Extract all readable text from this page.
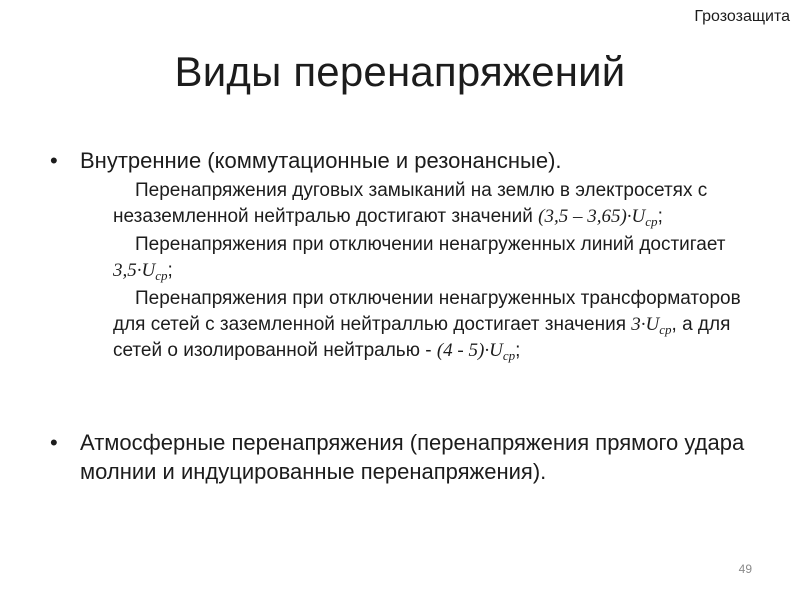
Грозозащита
Виды перенапряжений
•	Внутренние (коммутационные и резонансные).

Перенапряжения дуговых замыканий на землю в электросетях с незаземленной нейтралью достигают значений $(3,5 - 3,65)\cdot U_{ср}$;

Перенапряжения при отключении ненагруженных линий достигает $3,5\cdot U_{ср}$;

Перенапряжения при отключении ненагруженных трансформаторов для сетей с заземленной нейтраллью достигает значения $3\cdot U_{ср}$, а для сетей о изолированной нейтралью - $(4 - 5)\cdot U_{ср}$;

•	Атмосферные перенапряжения (перенапряжения прямого удара молнии и индуцированные перенапряжения).
49
